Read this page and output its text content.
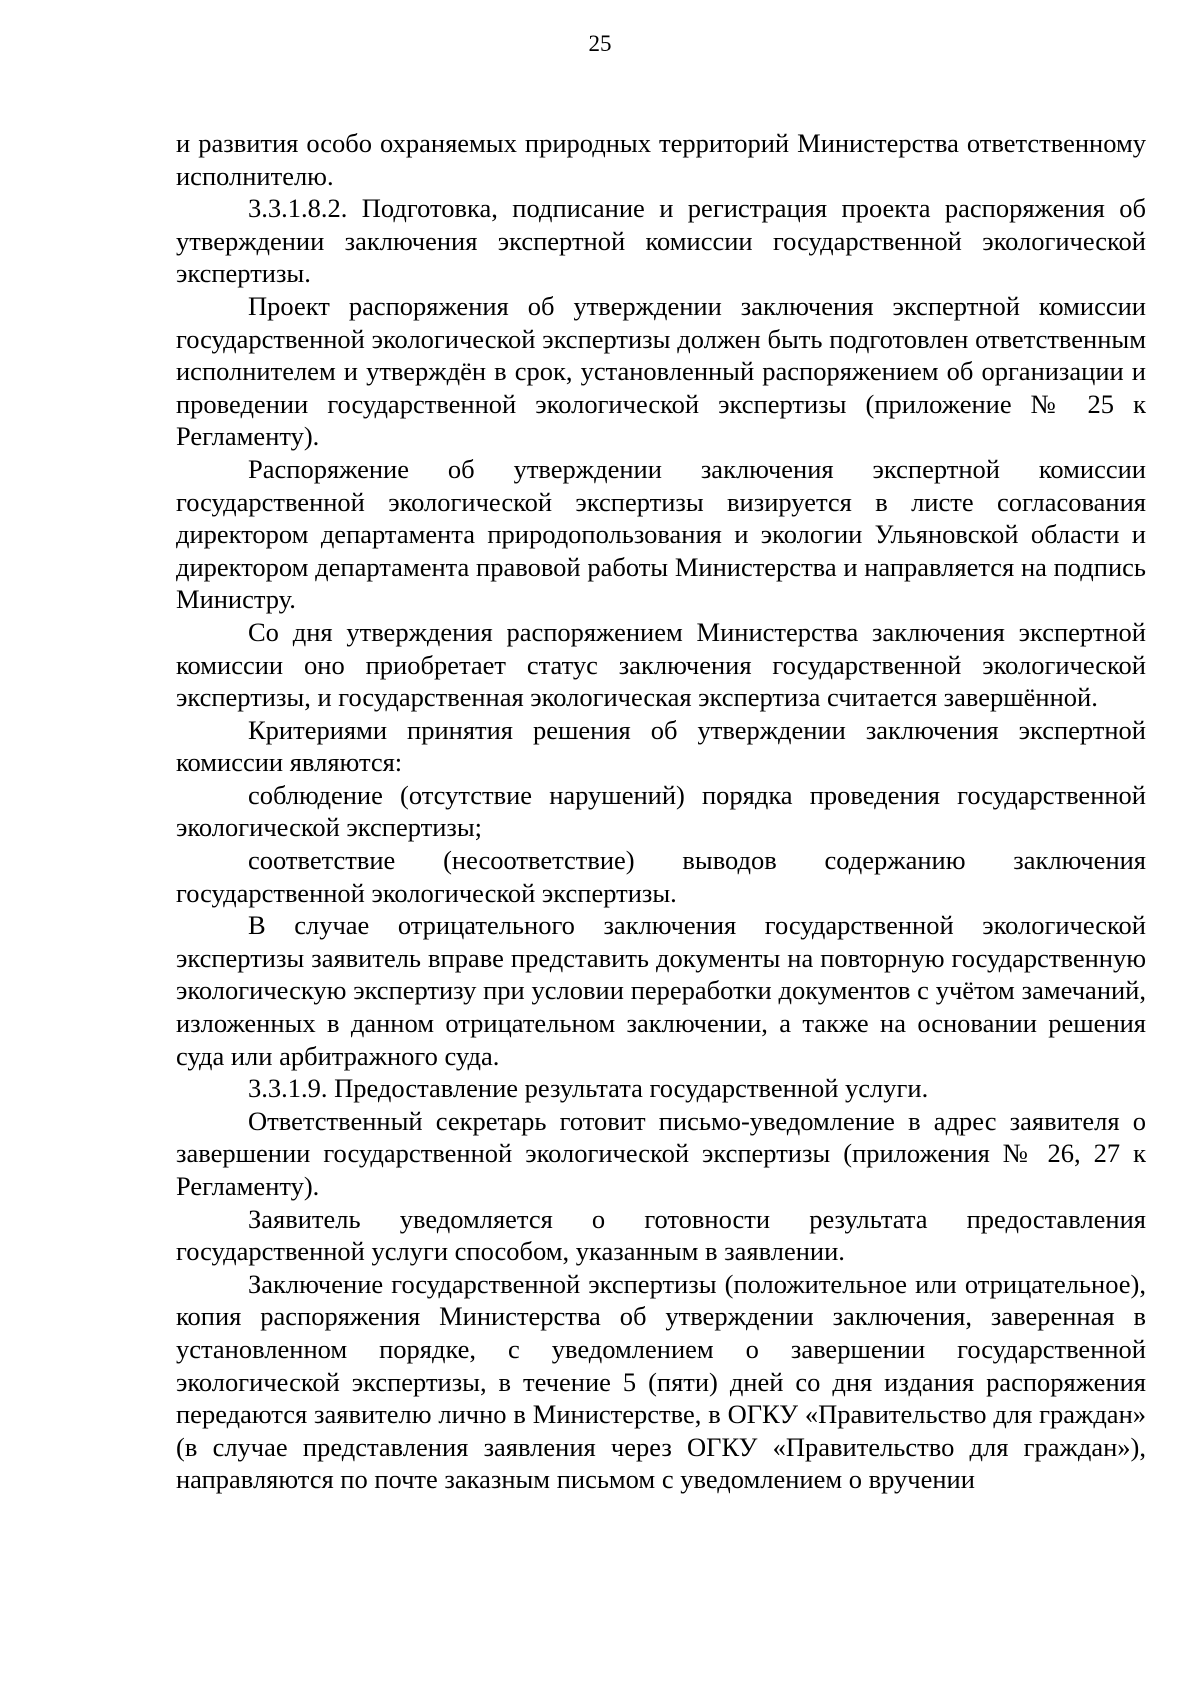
25

и развития особо охраняемых природных территорий Министерства ответственному исполнителю.

3.3.1.8.2. Подготовка, подписание и регистрация проекта распоряжения об утверждении заключения экспертной комиссии государственной экологической экспертизы.

Проект распоряжения об утверждении заключения экспертной комиссии государственной экологической экспертизы должен быть подготовлен ответственным исполнителем и утверждён в срок, установленный распоряжением об организации и проведении государственной экологической экспертизы (приложение № 25 к Регламенту).

Распоряжение об утверждении заключения экспертной комиссии государственной экологической экспертизы визируется в листе согласования директором департамента природопользования и экологии Ульяновской области и директором департамента правовой работы Министерства и направляется на подпись Министру.

Со дня утверждения распоряжением Министерства заключения экспертной комиссии оно приобретает статус заключения государственной экологической экспертизы, и государственная экологическая экспертиза считается завершённой.

Критериями принятия решения об утверждении заключения экспертной комиссии являются:

соблюдение (отсутствие нарушений) порядка проведения государственной экологической экспертизы;

соответствие (несоответствие) выводов содержанию заключения государственной экологической экспертизы.

В случае отрицательного заключения государственной экологической экспертизы заявитель вправе представить документы на повторную государственную экологическую экспертизу при условии переработки документов с учётом замечаний, изложенных в данном отрицательном заключении, а также на основании решения суда или арбитражного суда.

3.3.1.9. Предоставление результата государственной услуги.

Ответственный секретарь готовит письмо-уведомление в адрес заявителя о завершении государственной экологической экспертизы (приложения № 26, 27 к Регламенту).

Заявитель уведомляется о готовности результата предоставления государственной услуги способом, указанным в заявлении.

Заключение государственной экспертизы (положительное или отрицательное), копия распоряжения Министерства об утверждении заключения, заверенная в установленном порядке, с уведомлением о завершении государственной экологической экспертизы, в течение 5 (пяти) дней со дня издания распоряжения передаются заявителю лично в Министерстве, в ОГКУ «Правительство для граждан» (в случае представления заявления через ОГКУ «Правительство для граждан»), направляются по почте заказным письмом с уведомлением о вручении
